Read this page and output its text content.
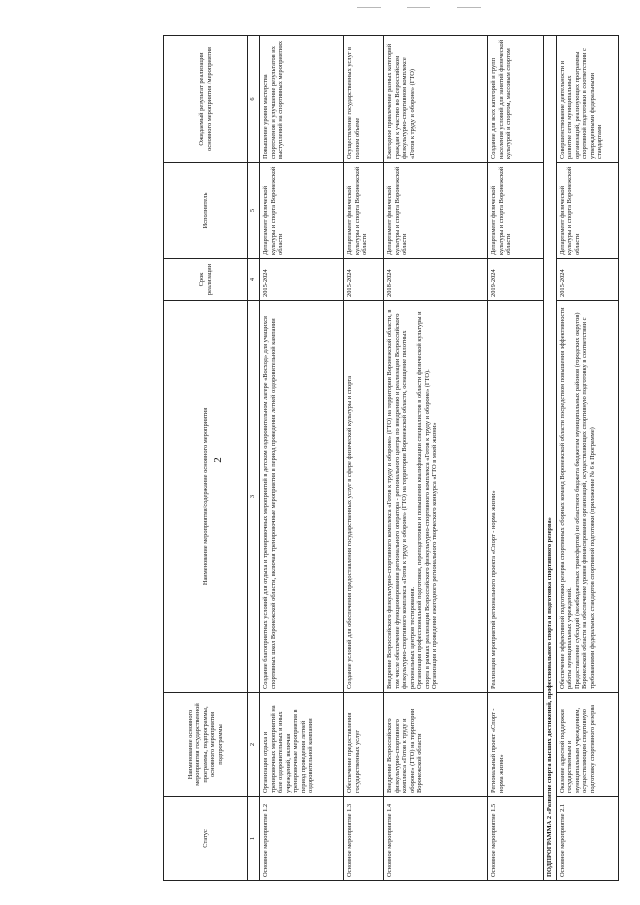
2
Статус	Наименование основного мероприятия государственной программы, подпрограммы, основного мероприятия подпрограммы	Наименование мероприятия/содержание основного мероприятия	Срок реализации	Исполнитель	Ожидаемый результат реализации основного мероприятия /мероприятия
1	2	3	4	5	6
Основное мероприятие 1.2	Организация отдыха и тренировочных мероприятий на базе оздоровительных и иных учреждений, включая тренировочные мероприятия в период проведения летней оздоровительной кампании	Создание благоприятных условий для отдыха и тренировочных мероприятий в детском оздоровительном лагере «Восход» для учащихся спортивных школ Воронежской области, включая тренировочные мероприятия в период проведения летней оздоровительной кампании	2015-2024	Департамент физической культуры и спорта Воронежской области	Повышение уровня мастерства спортсменов и улучшение результатов их выступлений на спортивных мероприятиях
Основное мероприятие 1.3	Обеспечение предоставления государственных услуг	Создание условий для обеспечения предоставления государственных услуг в сфере физической культуры и спорта	2015-2024	Департамент физической культуры и спорта Воронежской области	Осуществление государственных услуг в полном объеме
Основное мероприятие 1.4	Внедрение Всероссийского физкультурно-спортивного комплекса «Готов к труду и обороне» (ГТО) на территории Воронежской области	Внедрение Всероссийского физкультурно-спортивного комплекса «Готов к труду и обороне» (ГТО) на территории Воронежской области, в том числе обеспечение функционирования регионального оператора - регионального центра по внедрению и реализации Всероссийского физкультурно-спортивного комплекса «Готов к труду и обороне» (ГТО) на территории Воронежской области, оснащение пилотных региональных центров тестирования.
Организация профессиональной подготовки, переподготовки и повышения квалификации специалистов в области физической культуры и спорта в рамках реализации Всероссийского физкультурно-спортивного комплекса «Готов к труду и обороне» (ГТО).
Организация и проведение ежегодного регионального творческого конкурса «ГТО в моей жизни»	2018-2024	Департамент физической культуры и спорта Воронежской области	Ежегодное привлечение разных категорий граждан к участию во Всероссийском физкультурно-спортивном комплексе «Готов к труду и обороне» (ГТО)
Основное мероприятие 1.5	Региональный проект «Спорт - норма жизни»	Реализация мероприятий регионального проекта «Спорт - норма жизни»	2019-2024	Департамент физической культуры и спорта Воронежской области	Создание для всех категорий и групп населения условий для занятий физической культурой и спортом, массовым спортом
ПОДПРОГРАММА 2 «Развитие спорта высших достижений, профессионального спорта и подготовка спортивного резерва»					
Основное мероприятие 2.1	Оказание адресной поддержки государственным и муниципальным учреждениям, осуществляющим спортивную подготовку спортивного резерва	Обеспечение эффективной подготовки резерва спортивных сборных команд Воронежской области посредством повышения эффективности работы муниципальных учреждений.
Предоставление субсидий (межбюджетных трансфертов) из областного бюджета бюджетам муниципальных районов (городских округов) Воронежской области на обеспечение уровня финансирования организаций, осуществляющих спортивную подготовку в соответствии с требованиями федеральных стандартов спортивной подготовки (приложение № 6 к Программе)	2015-2024	Департамент физической культуры и спорта Воронежской области	Совершенствование деятельности и развитие сети муниципальных организаций, реализующих программы спортивной подготовки в соответствии с утвержденными федеральными стандартами
